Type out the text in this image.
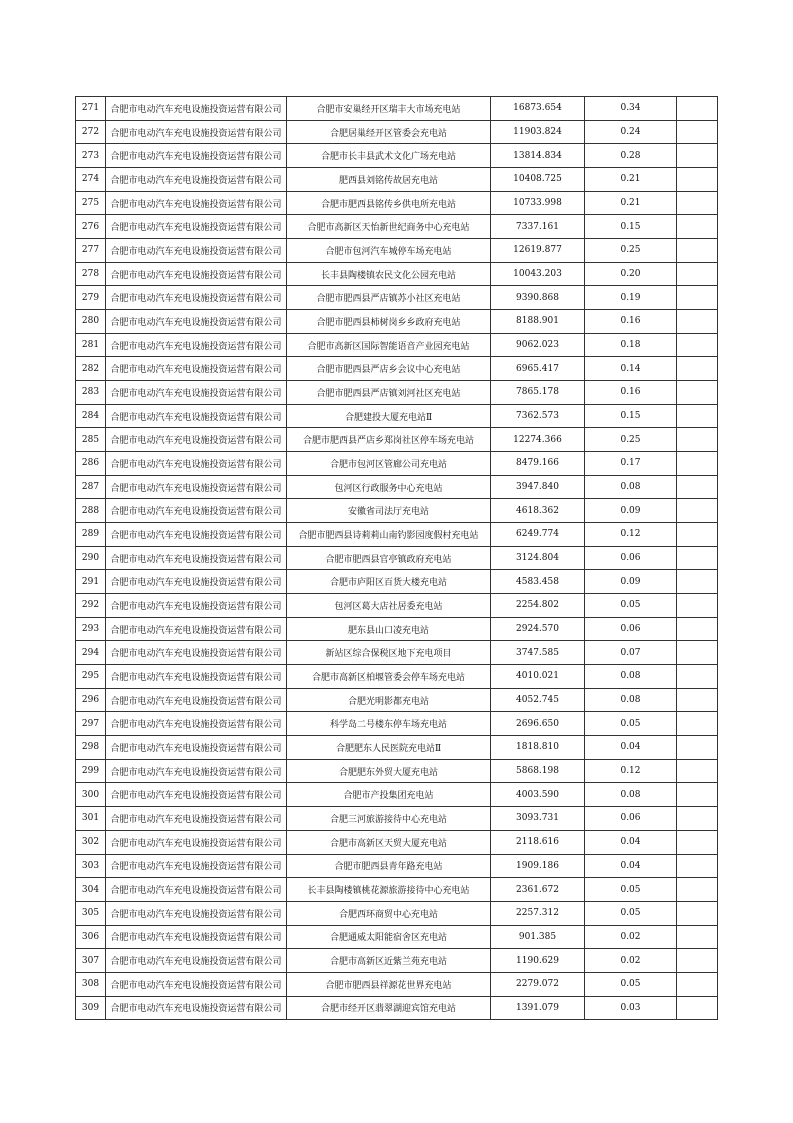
271	合肥市电动汽车充电设施投资运营有限公司	合肥市安巢经开区瑞丰大市场充电站	16873.654	0.34	
272	合肥市电动汽车充电设施投资运营有限公司	合肥居巢经开区管委会充电站	11903.824	0.24	
273	合肥市电动汽车充电设施投资运营有限公司	合肥市长丰县武术文化广场充电站	13814.834	0.28	
274	合肥市电动汽车充电设施投资运营有限公司	肥西县刘铭传故居充电站	10408.725	0.21	
275	合肥市电动汽车充电设施投资运营有限公司	合肥市肥西县铭传乡供电所充电站	10733.998	0.21	
276	合肥市电动汽车充电设施投资运营有限公司	合肥市高新区天怡新世纪商务中心充电站	7337.161	0.15	
277	合肥市电动汽车充电设施投资运营有限公司	合肥市包河汽车城停车场充电站	12619.877	0.25	
278	合肥市电动汽车充电设施投资运营有限公司	长丰县陶楼镇农民文化公园充电站	10043.203	0.20	
279	合肥市电动汽车充电设施投资运营有限公司	合肥市肥西县严店镇苏小社区充电站	9390.868	0.19	
280	合肥市电动汽车充电设施投资运营有限公司	合肥市肥西县柿树岗乡乡政府充电站	8188.901	0.16	
281	合肥市电动汽车充电设施投资运营有限公司	合肥市高新区国际智能语音产业园充电站	9062.023	0.18	
282	合肥市电动汽车充电设施投资运营有限公司	合肥市肥西县严店乡会议中心充电站	6965.417	0.14	
283	合肥市电动汽车充电设施投资运营有限公司	合肥市肥西县严店镇刘河社区充电站	7865.178	0.16	
284	合肥市电动汽车充电设施投资运营有限公司	合肥建投大厦充电站Ⅱ	7362.573	0.15	
285	合肥市电动汽车充电设施投资运营有限公司	合肥市肥西县严店乡郑岗社区停车场充电站	12274.366	0.25	
286	合肥市电动汽车充电设施投资运营有限公司	合肥市包河区管廊公司充电站	8479.166	0.17	
287	合肥市电动汽车充电设施投资运营有限公司	包河区行政服务中心充电站	3947.840	0.08	
288	合肥市电动汽车充电设施投资运营有限公司	安徽省司法厅充电站	4618.362	0.09	
289	合肥市电动汽车充电设施投资运营有限公司	合肥市肥西县诗莉莉山南钓影园度假村充电站	6249.774	0.12	
290	合肥市电动汽车充电设施投资运营有限公司	合肥市肥西县官亭镇政府充电站	3124.804	0.06	
291	合肥市电动汽车充电设施投资运营有限公司	合肥市庐阳区百货大楼充电站	4583.458	0.09	
292	合肥市电动汽车充电设施投资运营有限公司	包河区葛大店社居委充电站	2254.802	0.05	
293	合肥市电动汽车充电设施投资运营有限公司	肥东县山口凌充电站	2924.570	0.06	
294	合肥市电动汽车充电设施投资运营有限公司	新站区综合保税区地下充电项目	3747.585	0.07	
295	合肥市电动汽车充电设施投资运营有限公司	合肥市高新区柏堰管委会停车场充电站	4010.021	0.08	
296	合肥市电动汽车充电设施投资运营有限公司	合肥光明影都充电站	4052.745	0.08	
297	合肥市电动汽车充电设施投资运营有限公司	科学岛二号楼东停车场充电站	2696.650	0.05	
298	合肥市电动汽车充电设施投资运营有限公司	合肥肥东人民医院充电站Ⅱ	1818.810	0.04	
299	合肥市电动汽车充电设施投资运营有限公司	合肥肥东外贸大厦充电站	5868.198	0.12	
300	合肥市电动汽车充电设施投资运营有限公司	合肥市产投集团充电站	4003.590	0.08	
301	合肥市电动汽车充电设施投资运营有限公司	合肥三河旅游接待中心充电站	3093.731	0.06	
302	合肥市电动汽车充电设施投资运营有限公司	合肥市高新区天贸大厦充电站	2118.616	0.04	
303	合肥市电动汽车充电设施投资运营有限公司	合肥市肥西县青年路充电站	1909.186	0.04	
304	合肥市电动汽车充电设施投资运营有限公司	长丰县陶楼镇桃花源旅游接待中心充电站	2361.672	0.05	
305	合肥市电动汽车充电设施投资运营有限公司	合肥西环商贸中心充电站	2257.312	0.05	
306	合肥市电动汽车充电设施投资运营有限公司	合肥通威太阳能宿舍区充电站	901.385	0.02	
307	合肥市电动汽车充电设施投资运营有限公司	合肥市高新区近紫兰苑充电站	1190.629	0.02	
308	合肥市电动汽车充电设施投资运营有限公司	合肥市肥西县祥源花世界充电站	2279.072	0.05	
309	合肥市电动汽车充电设施投资运营有限公司	合肥市经开区翡翠湖迎宾馆充电站	1391.079	0.03	
